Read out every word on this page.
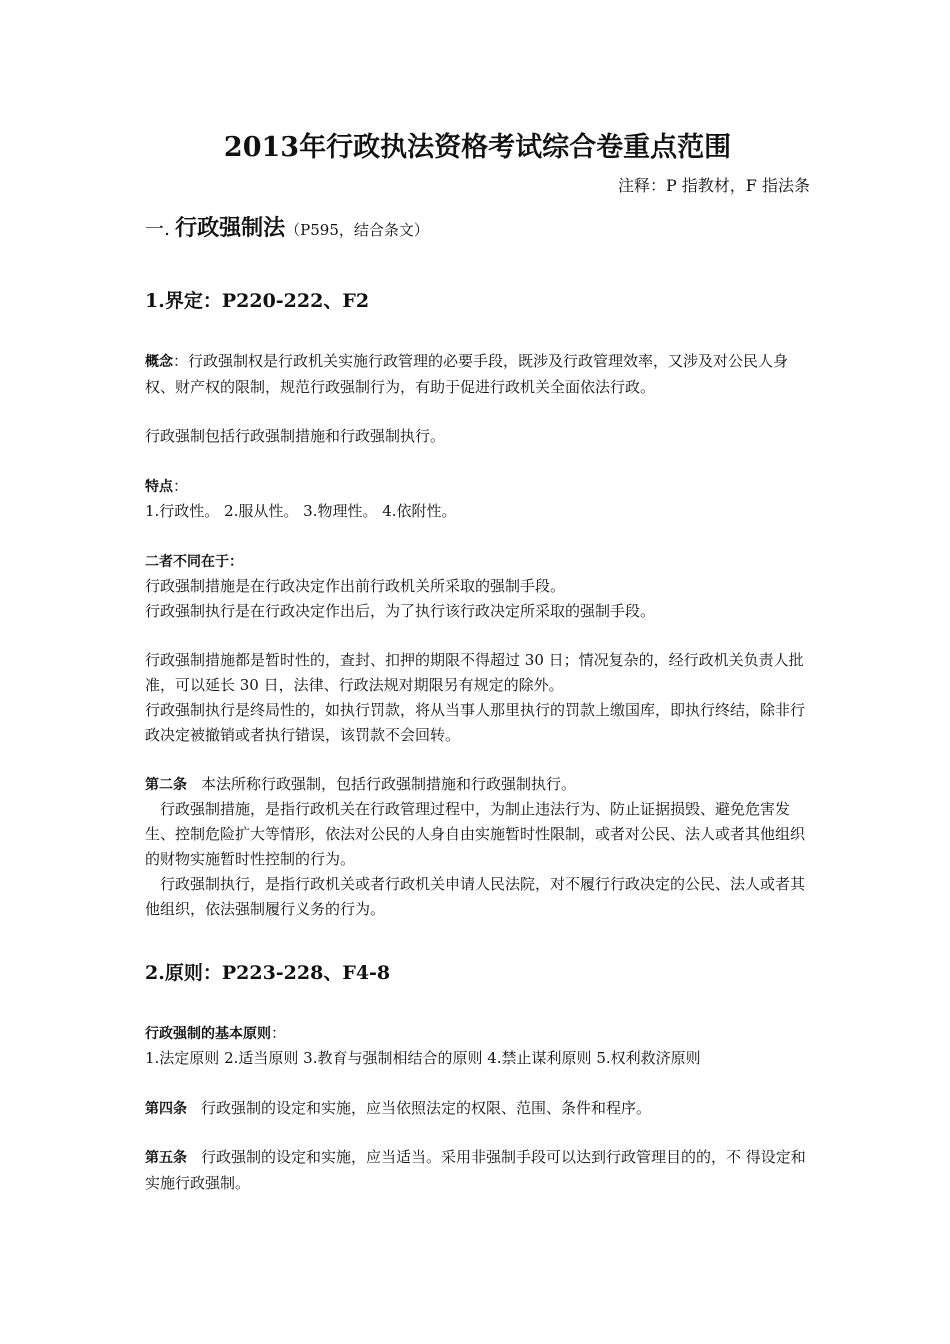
2013年行政执法资格考试综合卷重点范围

注释：P 指教材，F 指法条

一. 行政强制法（P595，结合条文）

1.界定：P220-222、F2

概念：行政强制权是行政机关实施行政管理的必要手段，既涉及行政管理效率，又涉及对公民人身权、财产权的限制，规范行政强制行为，有助于促进行政机关全面依法行政。

行政强制包括行政强制措施和行政强制执行。

特点：

1.行政性。 2.服从性。 3.物理性。 4.依附性。

二者不同在于：

行政强制措施是在行政决定作出前行政机关所采取的强制手段。

行政强制执行是在行政决定作出后，为了执行该行政决定所采取的强制手段。

行政强制措施都是暂时性的，查封、扣押的期限不得超过 30 日；情况复杂的，经行政机关负责人批准，可以延长 30 日，法律、行政法规对期限另有规定的除外。

行政强制执行是终局性的，如执行罚款，将从当事人那里执行的罚款上缴国库，即执行终结，除非行政决定被撤销或者执行错误，该罚款不会回转。

第二条 本法所称行政强制，包括行政强制措施和行政强制执行。

行政强制措施，是指行政机关在行政管理过程中，为制止违法行为、防止证据损毁、避免危害发生、控制危险扩大等情形，依法对公民的人身自由实施暂时性限制，或者对公民、法人或者其他组织的财物实施暂时性控制的行为。

行政强制执行，是指行政机关或者行政机关申请人民法院，对不履行行政决定的公民、法人或者其他组织，依法强制履行义务的行为。

2.原则：P223-228、F4-8

行政强制的基本原则：

1.法定原则 2.适当原则 3.教育与强制相结合的原则 4.禁止谋利原则 5.权利救济原则

第四条 行政强制的设定和实施，应当依照法定的权限、范围、条件和程序。

第五条 行政强制的设定和实施，应当适当。采用非强制手段可以达到行政管理目的的，不 得设定和实施行政强制。
